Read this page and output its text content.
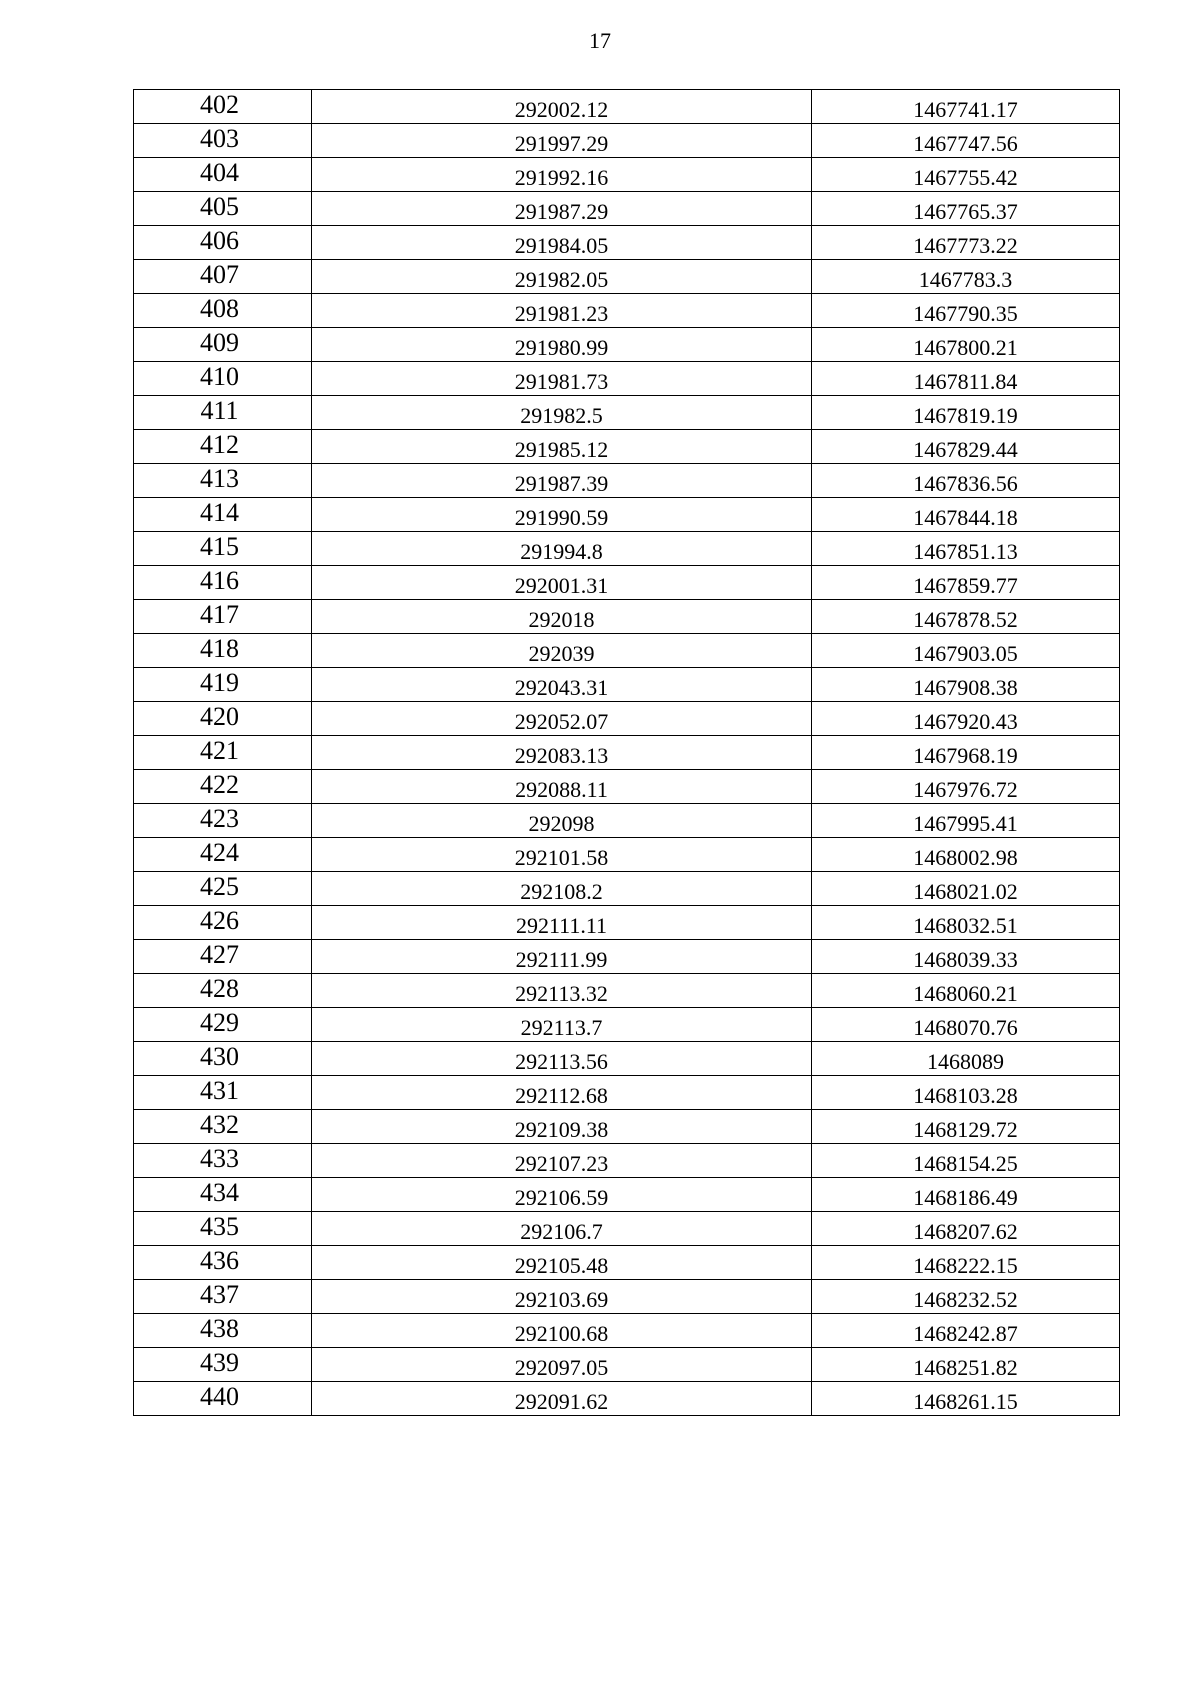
17
402	292002.12	1467741.17
403	291997.29	1467747.56
404	291992.16	1467755.42
405	291987.29	1467765.37
406	291984.05	1467773.22
407	291982.05	1467783.3
408	291981.23	1467790.35
409	291980.99	1467800.21
410	291981.73	1467811.84
411	291982.5	1467819.19
412	291985.12	1467829.44
413	291987.39	1467836.56
414	291990.59	1467844.18
415	291994.8	1467851.13
416	292001.31	1467859.77
417	292018	1467878.52
418	292039	1467903.05
419	292043.31	1467908.38
420	292052.07	1467920.43
421	292083.13	1467968.19
422	292088.11	1467976.72
423	292098	1467995.41
424	292101.58	1468002.98
425	292108.2	1468021.02
426	292111.11	1468032.51
427	292111.99	1468039.33
428	292113.32	1468060.21
429	292113.7	1468070.76
430	292113.56	1468089
431	292112.68	1468103.28
432	292109.38	1468129.72
433	292107.23	1468154.25
434	292106.59	1468186.49
435	292106.7	1468207.62
436	292105.48	1468222.15
437	292103.69	1468232.52
438	292100.68	1468242.87
439	292097.05	1468251.82
440	292091.62	1468261.15
